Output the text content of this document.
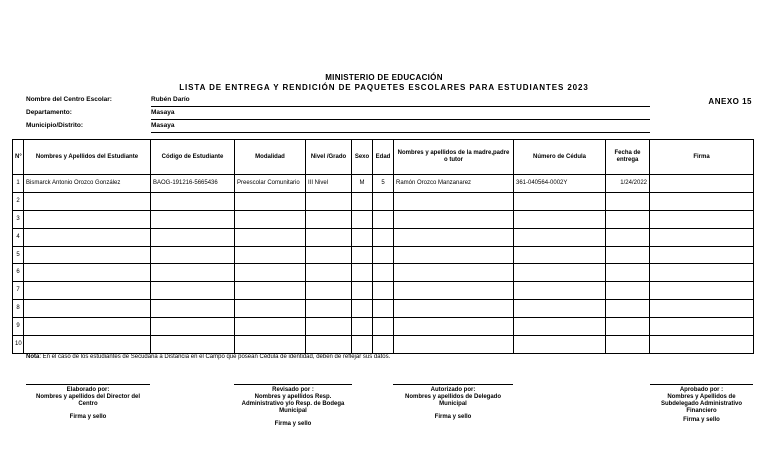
MINISTERIO DE EDUCACIÓN
LISTA DE ENTREGA Y RENDICIÓN DE PAQUETES ESCOLARES PARA ESTUDIANTES 2023
ANEXO 15
Nombre del Centro Escolar:	Rubén Darío
Departamento:	Masaya
Municipio/Distrito:	Masaya
N°	Nombres y Apellidos del Estudiante	Código de Estudiante	Modalidad	Nivel /Grado	Sexo	Edad	Nombres y apellidos de la madre,padre o tutor	Número de Cédula	Fecha de entrega	Firma
1	Bismarck Antonio Orozco González	BAOG-191216-5665436	Preescolar Comunitario	III Nivel	M	5	Ramón Orozco Manzanarez	361-040564-0002Y	1/24/2022	
2										
3										
4										
5										
6										
7										
8										
9										
10										
Nota: En el caso de los estudiantes de Secudaria a Distancia en el Campo que posean Cédula de identidad, deben de reflejar sus datos.
Elaborado por:
Nombres y apellidos del Director del Centro
Firma y sello
Revisado por :
Nombres y apellidos Resp. Administrativo y/o Resp. de Bodega Municipal
Firma y sello
Autorizado por:
Nombres y apellidos de Delegado Municipal
Firma y sello
Aprobado por :
Nombres y Apellidos de Subdelegado Administrativo Financiero
Firma y sello
